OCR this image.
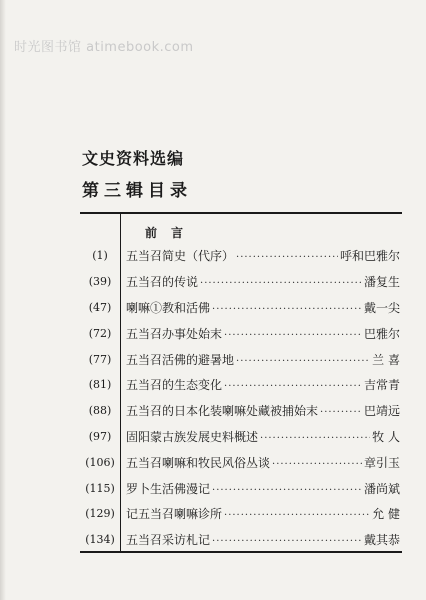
时光图书馆 atimebook.com
文史资料选编
第三辑目录
前言
(1)	五当召简史（代序） ·····	呼和巴雅尔
(39)	五当召的传说 ·····	潘复生
(47)	喇嘛①教和活佛 ·····	戴一尖
(72)	五当召办事处始末 ·····	巴雅尔
(77)	五当召活佛的避暑地 ·····	兰 喜
(81)	五当召的生态变化 ·····	吉常青
(88)	五当召的日本化装喇嘛处藏被捕始末 ·····	巴靖远
(97)	固阳蒙古族发展史料概述 ·····	牧 人
(106) 五当召喇嘛和牧民风俗丛谈 ·····	章引玉
(115) 罗卜生活佛漫记 ·····	潘尚斌
(129) 记五当召喇嘛诊所 ·····	允 健
(134) 五当召采访札记 ·····	戴其恭
